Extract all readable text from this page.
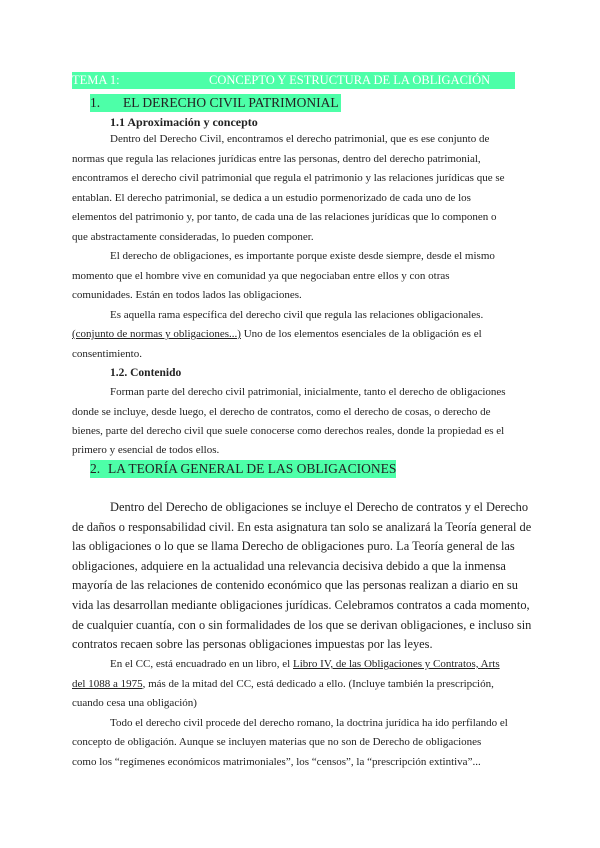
TEMA 1:	CONCEPTO Y ESTRUCTURA DE LA OBLIGACIÓN
1. EL DERECHO CIVIL PATRIMONIAL
1.1 Aproximación y concepto
Dentro del Derecho Civil, encontramos el derecho patrimonial, que es ese conjunto de
normas que regula las relaciones jurídicas entre las personas, dentro del derecho patrimonial,
encontramos el derecho civil patrimonial que regula el patrimonio y las relaciones jurídicas que se
entablan. El derecho patrimonial, se dedica a un estudio pormenorizado de cada uno de los
elementos del patrimonio y, por tanto, de cada una de las relaciones jurídicas que lo componen o
que abstractamente consideradas, lo pueden componer.
El derecho de obligaciones, es importante porque existe desde siempre, desde el mismo
momento que el hombre vive en comunidad ya que negociaban entre ellos y con otras
comunidades. Están en todos lados las obligaciones.
Es aquella rama específica del derecho civil que regula las relaciones obligacionales.
(conjunto de normas y obligaciones...) Uno de los elementos esenciales de la obligación es el
consentimiento.
1.2. Contenido
Forman parte del derecho civil patrimonial, inicialmente, tanto el derecho de obligaciones
donde se incluye, desde luego, el derecho de contratos, como el derecho de cosas, o derecho de
bienes, parte del derecho civil que suele conocerse como derechos reales, donde la propiedad es el
primero y esencial de todos ellos.
2. LA TEORÍA GENERAL DE LAS OBLIGACIONES
Dentro del Derecho de obligaciones se incluye el Derecho de contratos y el Derecho
de daños o responsabilidad civil. En esta asignatura tan solo se analizará la Teoría general de
las obligaciones o lo que se llama Derecho de obligaciones puro. La Teoría general de las
obligaciones, adquiere en la actualidad una relevancia decisiva debido a que la inmensa
mayoría de las relaciones de contenido económico que las personas realizan a diario en su
vida las desarrollan mediante obligaciones jurídicas. Celebramos contratos a cada momento,
de cualquier cuantía, con o sin formalidades de los que se derivan obligaciones, e incluso sin
contratos recaen sobre las personas obligaciones impuestas por las leyes.
En el CC, está encuadrado en un libro, el Libro IV, de las Obligaciones y Contratos, Arts
del 1088 a 1975, más de la mitad del CC, está dedicado a ello. (Incluye también la prescripción,
cuando cesa una obligación)
Todo el derecho civil procede del derecho romano, la doctrina jurídica ha ido perfilando el
concepto de obligación. Aunque se incluyen materias que no son de Derecho de obligaciones
como los “regímenes económicos matrimoniales”, los “censos”, la “prescripción extintiva”...
